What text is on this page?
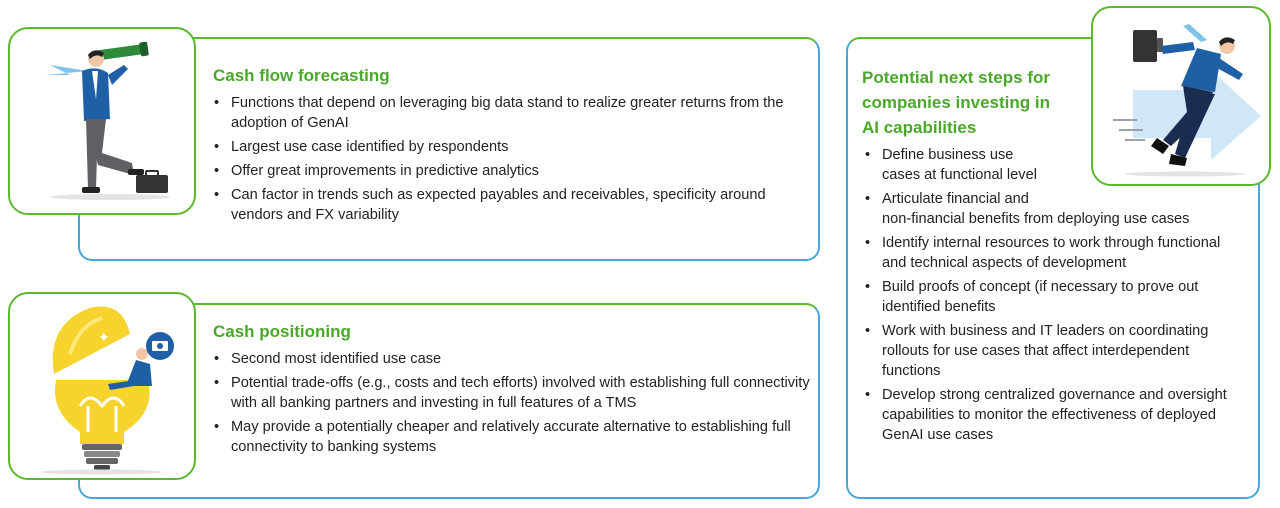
Cash flow forecasting
• Functions that depend on leveraging big data stand to realize greater returns from the adoption of GenAI
• Largest use case identified by respondents
• Offer great improvements in predictive analytics
• Can factor in trends such as expected payables and receivables, specificity around vendors and FX variability
Cash positioning
• Second most identified use case
• Potential trade-offs (e.g., costs and tech efforts) involved with establishing full connectivity with all banking partners and investing in full features of a TMS
• May provide a potentially cheaper and relatively accurate alternative to establishing full connectivity to banking systems
✦
Potential next steps for
companies investing in
AI capabilities
• Define business use
cases at functional level
• Articulate financial and
non-financial benefits from deploying use cases
• Identify internal resources to work through functional and technical aspects of development
• Build proofs of concept (if necessary to prove out identified benefits
• Work with business and IT leaders on coordinating rollouts for use cases that affect interdependent functions
• Develop strong centralized governance and oversight capabilities to monitor the effectiveness of deployed GenAI use cases
